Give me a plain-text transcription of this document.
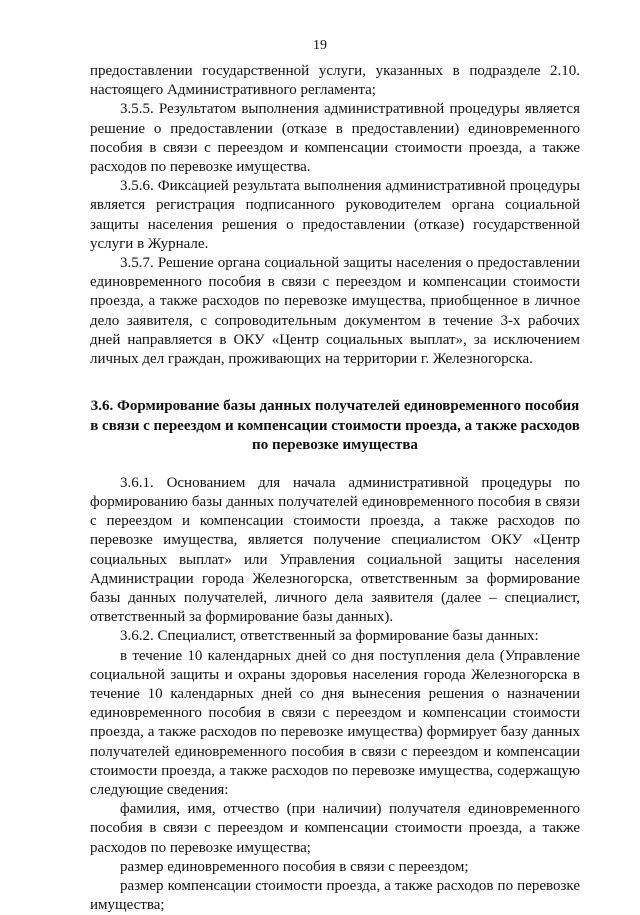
19

предоставлении государственной услуги, указанных в подразделе 2.10. настоящего Административного регламента;

3.5.5. Результатом выполнения административной процедуры является решение о предоставлении (отказе в предоставлении) единовременного пособия в связи с переездом и компенсации стоимости проезда, а также расходов по перевозке имущества.

3.5.6. Фиксацией результата выполнения административной процедуры является регистрация подписанного руководителем органа социальной защиты населения решения о предоставлении (отказе) государственной услуги в Журнале.

3.5.7. Решение органа социальной защиты населения о предоставлении единовременного пособия в связи с переездом и компенсации стоимости проезда, а также расходов по перевозке имущества, приобщенное в личное дело заявителя, с сопроводительным документом в течение 3-х рабочих дней направляется в ОКУ «Центр социальных выплат», за исключением личных дел граждан, проживающих на территории г. Железногорска.

3.6. Формирование базы данных получателей единовременного пособия в связи с переездом и компенсации стоимости проезда, а также расходов по перевозке имущества

3.6.1. Основанием для начала административной процедуры по формированию базы данных получателей единовременного пособия в связи с переездом и компенсации стоимости проезда, а также расходов по перевозке имущества, является получение специалистом ОКУ «Центр социальных выплат» или Управления социальной защиты населения Администрации города Железногорска, ответственным за формирование базы данных получателей, личного дела заявителя (далее – специалист, ответственный за формирование базы данных).

3.6.2. Специалист, ответственный за формирование базы данных:

в течение 10 календарных дней со дня поступления дела (Управление социальной защиты и охраны здоровья населения города Железногорска в течение 10 календарных дней со дня вынесения решения о назначении единовременного пособия в связи с переездом и компенсации стоимости проезда, а также расходов по перевозке имущества) формирует базу данных получателей единовременного пособия в связи с переездом и компенсации стоимости проезда, а также расходов по перевозке имущества, содержащую следующие сведения:

фамилия, имя, отчество (при наличии) получателя единовременного пособия в связи с переездом и компенсации стоимости проезда, а также расходов по перевозке имущества;

размер единовременного пособия в связи с переездом;

размер компенсации стоимости проезда, а также расходов по перевозке имущества;
